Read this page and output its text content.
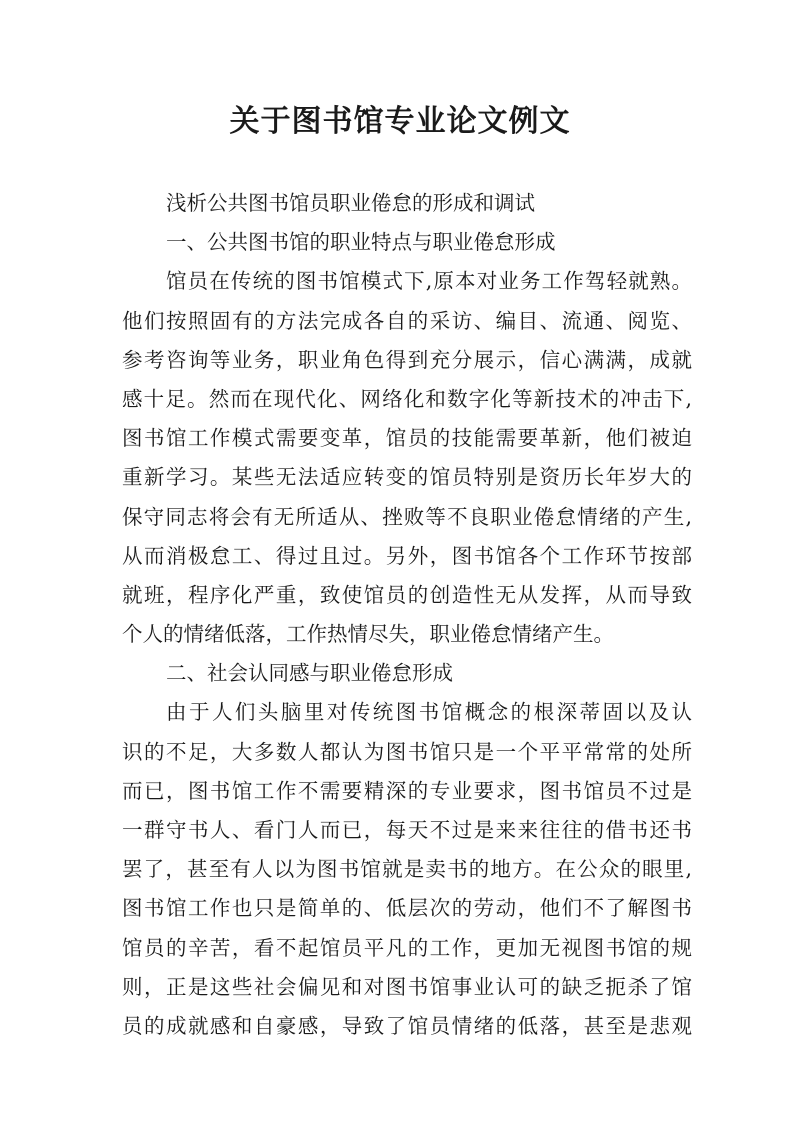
关于图书馆专业论文例文
浅析公共图书馆员职业倦怠的形成和调试
一、公共图书馆的职业特点与职业倦怠形成
馆员在传统的图书馆模式下,原本对业务工作驾轻就熟。
他们按照固有的方法完成各自的采访、编目、流通、阅览、
参考咨询等业务，职业角色得到充分展示，信心满满，成就
感十足。然而在现代化、网络化和数字化等新技术的冲击下,
图书馆工作模式需要变革，馆员的技能需要革新，他们被迫
重新学习。某些无法适应转变的馆员特别是资历长年岁大的
保守同志将会有无所适从、挫败等不良职业倦怠情绪的产生,
从而消极怠工、得过且过。另外，图书馆各个工作环节按部
就班，程序化严重，致使馆员的创造性无从发挥，从而导致
个人的情绪低落，工作热情尽失，职业倦怠情绪产生。
二、社会认同感与职业倦怠形成
由于人们头脑里对传统图书馆概念的根深蒂固以及认
识的不足，大多数人都认为图书馆只是一个平平常常的处所
而已，图书馆工作不需要精深的专业要求，图书馆员不过是
一群守书人、看门人而已，每天不过是来来往往的借书还书
罢了，甚至有人以为图书馆就是卖书的地方。在公众的眼里,
图书馆工作也只是简单的、低层次的劳动，他们不了解图书
馆员的辛苦，看不起馆员平凡的工作，更加无视图书馆的规
则，正是这些社会偏见和对图书馆事业认可的缺乏扼杀了馆
员的成就感和自豪感，导致了馆员情绪的低落，甚至是悲观
